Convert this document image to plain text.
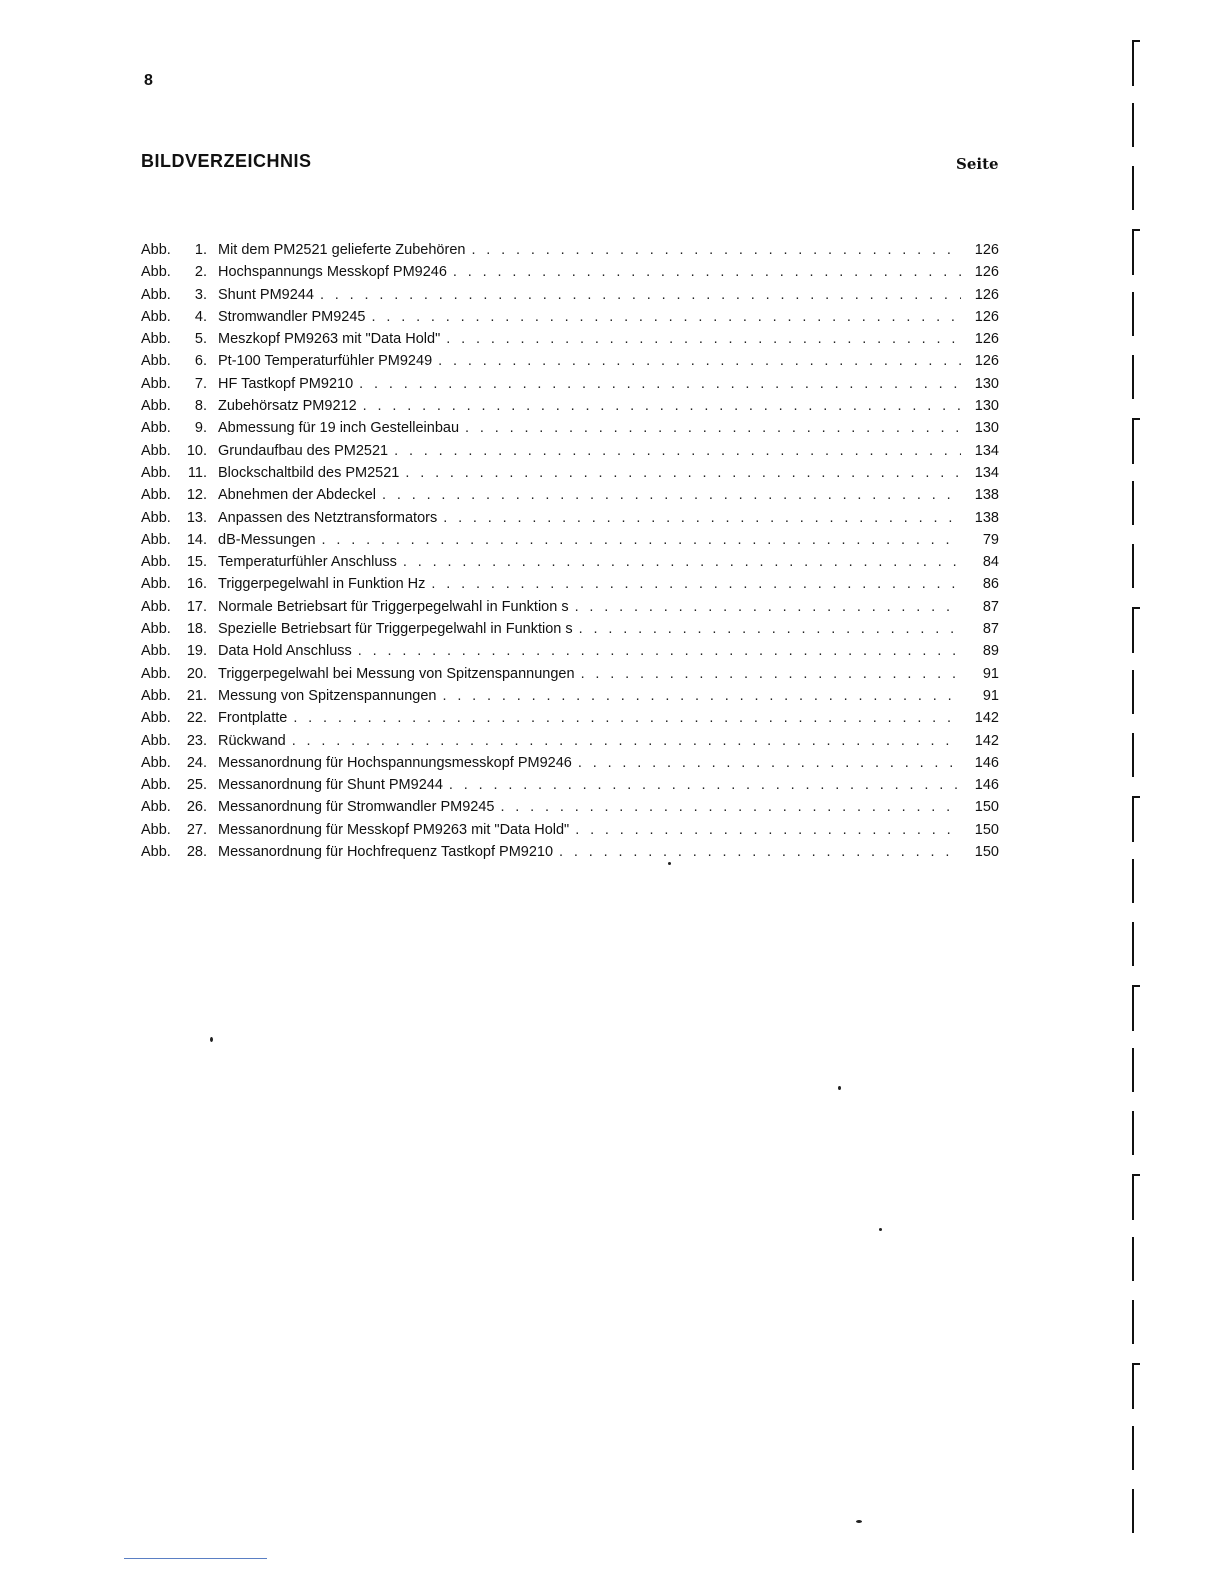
8
BILDVERZEICHNIS	Seite
Abb.	1. Mit dem PM2521 gelieferte Zubehören . . .	126
Abb.	2. Hochspannungs Messkopf PM9246 . . .	126
Abb.	3. Shunt PM9244 . . .	126
Abb.	4. Stromwandler PM9245 . . .	126
Abb.	5. Meszkopf PM9263 mit "Data Hold" . . .	126
Abb.	6. Pt-100 Temperaturfühler PM9249 . . .	126
Abb.	7. HF Tastkopf PM9210 . . .	130
Abb.	8. Zubehörsatz PM9212 . . .	130
Abb.	9. Abmessung für 19 inch Gestelleinbau . . .	130
Abb.	10. Grundaufbau des PM2521 . . .	134
Abb.	11. Blockschaltbild des PM2521 . . .	134
Abb.	12. Abnehmen der Abdeckel . . .	138
Abb.	13. Anpassen des Netztransformators . . .	138
Abb.	14. dB-Messungen . . .	79
Abb.	15. Temperaturfühler Anschluss . . .	84
Abb.	16. Triggerpegelwahl in Funktion Hz . . .	86
Abb.	17. Normale Betriebsart für Triggerpegelwahl in Funktion s . . .	87
Abb.	18. Spezielle Betriebsart für Triggerpegelwahl in Funktion s . . .	87
Abb.	19. Data Hold Anschluss . . .	89
Abb.	20. Triggerpegelwahl bei Messung von Spitzenspannungen . . .	91
Abb.	21. Messung von Spitzenspannungen . . .	91
Abb.	22. Frontplatte . . .	142
Abb.	23. Rückwand . . .	142
Abb.	24. Messanordnung für Hochspannungsmesskopf PM9246 . . .	146
Abb.	25. Messanordnung für Shunt PM9244 . . .	146
Abb.	26. Messanordnung für Stromwandler PM9245 . . .	150
Abb.	27. Messanordnung für Messkopf PM9263 mit "Data Hold" . . .	150
Abb.	28. Messanordnung für Hochfrequenz Tastkopf PM9210 . . .	150
